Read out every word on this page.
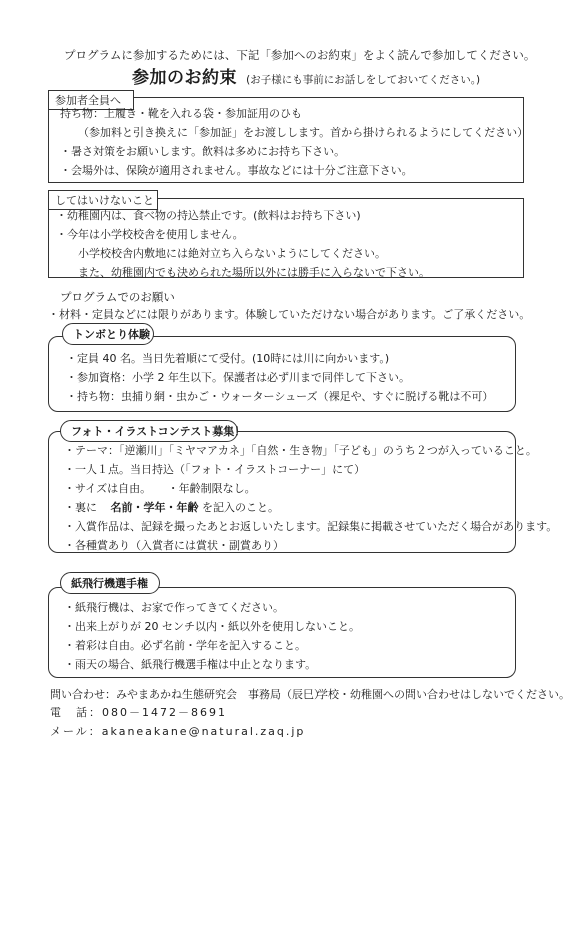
プログラムに参加するためには、下記「参加へのお約束」をよく読んで参加してください。
参加のお約束 (お子様にも事前にお話しをしておいてください。)
参加者全員へ
持ち物：上履き・靴を入れる袋・参加証用のひも
（参加料と引き換えに「参加証」をお渡しします。首から掛けられるようにしてください）
・暑さ対策をお願いします。飲料は多めにお持ち下さい。
・会場外は、保険が適用されません。事故などには十分ご注意下さい。
してはいけないこと
・幼稚園内は、食べ物の持込禁止です。(飲料はお持ち下さい)
・今年は小学校校舎を使用しません。
小学校校舎内敷地には絶対立ち入らないようにしてください。
また、幼稚園内でも決められた場所以外には勝手に入らないで下さい。
プログラムでのお願い
・材料・定員などには限りがあります。体験していただけない場合があります。ご了承ください。
トンボとり体験
・定員 40 名。当日先着順にて受付。(10時には川に向かいます。)
・参加資格：小学 2 年生以下。保護者は必ず川まで同伴して下さい。
・持ち物：虫捕り網・虫かご・ウォーターシューズ（裸足や、すぐに脱げる靴は不可）
フォト・イラストコンテスト募集！
・テーマ：「逆瀬川」「ミヤマアカネ」「自然・生き物」「子ども」のうち２つが入っていること。
・一人１点。当日持込（「フォト・イラストコーナー」にて）
・サイズは自由。　　・年齢制限なし。
・裏に 名前・学年・年齢 を記入のこと。
・入賞作品は、記録を撮ったあとお返しいたします。記録集に掲載させていただく場合があります。
・各種賞あり（入賞者には賞状・副賞あり）
紙飛行機選手権
・紙飛行機は、お家で作ってきてください。
・出来上がりが 20 センチ以内・紙以外を使用しないこと。
・着彩は自由。必ず名前・学年を記入すること。
・雨天の場合、紙飛行機選手権は中止となります。
問い合わせ：みやまあかね生態研究会　事務局（辰巳）
学校・幼稚園への問い合わせはしないでください。
電　話：080－1472－8691
メール：akaneakane@natural.zaq.jp
